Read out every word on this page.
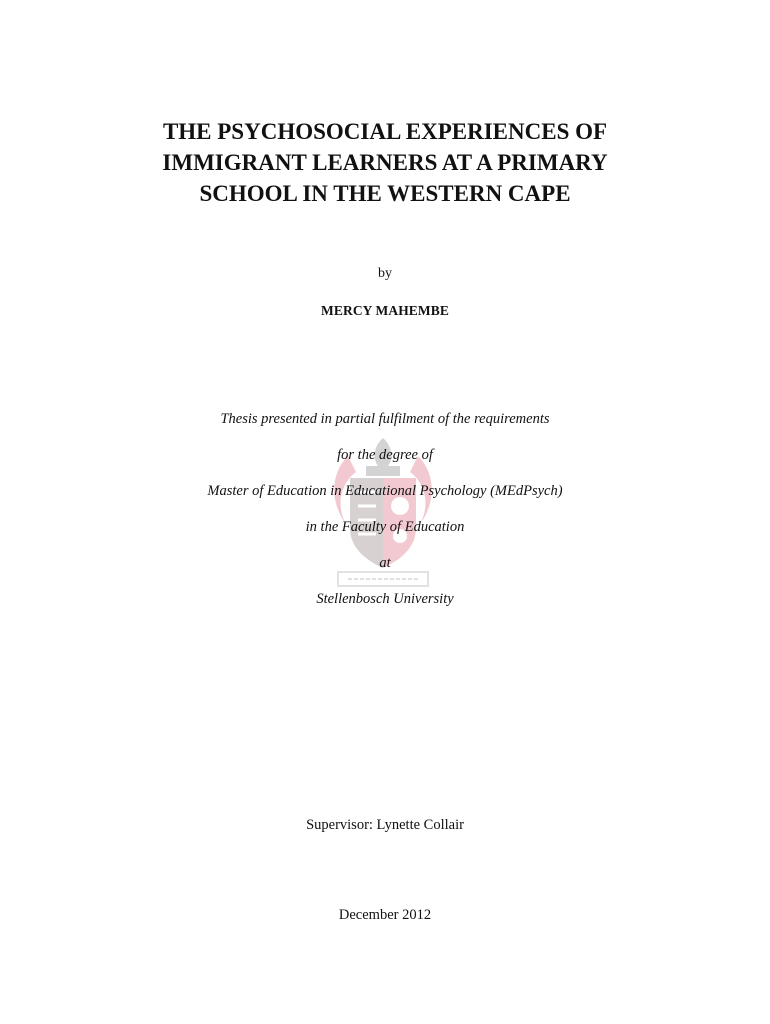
THE PSYCHOSOCIAL EXPERIENCES OF
IMMIGRANT LEARNERS AT A PRIMARY
SCHOOL IN THE WESTERN CAPE
by
MERCY MAHEMBE
Thesis presented in partial fulfilment of the requirements
for the degree of
Master of Education in Educational Psychology (MEdPsych)
in the Faculty of Education
at
Stellenbosch University
Supervisor: Lynette Collair
December 2012
